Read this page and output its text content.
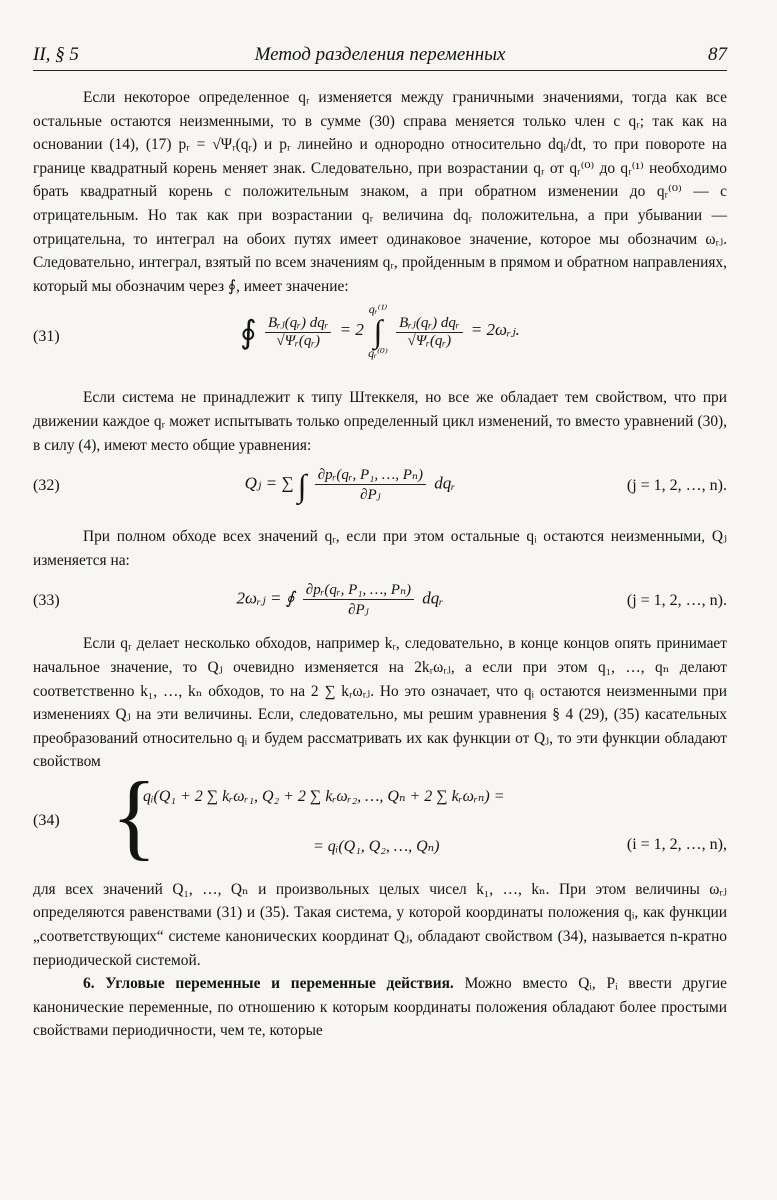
II, § 5	Метод разделения переменных	87

Если некоторое определенное qᵣ изменяется между граничными значениями, тогда как все остальные остаются неизменными, то в сумме (30) справа меняется только член с qᵣ; так как на основании (14), (17) pᵣ = √Ψᵣ(qᵣ) и pᵣ линейно и однородно относительно dqᵢ/dt, то при повороте на границе квадратный корень меняет знак. Следовательно, при возрастании qᵣ от qᵣ⁽⁰⁾ до qᵣ⁽¹⁾ необходимо брать квадратный корень с положительным знаком, а при обратном изменении до qᵣ⁽⁰⁾ — с отрицательным. Но так как при возрастании qᵣ величина dqᵣ положительна, а при убывании — отрицательна, то интеграл на обоих путях имеет одинаковое значение, которое мы обозначим ωᵣⱼ. Следовательно, интеграл, взятый по всем значениям qᵣ, пройденным в прямом и обратном направлениях, который мы обозначим через ∮, имеет значение:

(31)	∮ $\frac{\text{Bᵣⱼ(qᵣ) dqᵣ}}{\text{√Ψᵣ(qᵣ)}} = 2$
qᵣ⁽¹⁾
∫
qᵣ⁽⁰⁾

$\frac{\text{Bᵣⱼ(qᵣ) dqᵣ}}{\text{√Ψᵣ(qᵣ)}}$ = 2ωᵣⱼ.

Если система не принадлежит к типу Штеккеля, но все же обладает тем свойством, что при движении каждое qᵣ может испытывать только определенный цикл изменений, то вместо уравнений (30), в силу (4), имеют место общие уравнения:

(32)	Qⱼ = ∑ ∫ $\frac{\text{∂pᵣ(qᵣ, P₁, …, Pₙ)}}{\text{∂Pⱼ}}$ dqᵣ	(j = 1, 2, …, n).

При полном обходе всех значений qᵣ, если при этом остальные qᵢ остаются неизменными, Qⱼ изменяется на:

(33)	2ωᵣⱼ = ∮ $\frac{\text{∂pᵣ(qᵣ, P₁, …, Pₙ)}}{\text{∂Pⱼ}}$ dqᵣ	(j = 1, 2, …, n).

Если qᵣ делает несколько обходов, например kᵣ, следовательно, в конце концов опять принимает начальное значение, то Qⱼ очевидно изменяется на 2kᵣωᵣⱼ, а если при этом q₁, …, qₙ делают соответственно k₁, …, kₙ обходов, то на 2 ∑ kᵣωᵣⱼ. Но это означает, что qᵢ остаются неизменными при изменениях Qⱼ на эти величины. Если, следовательно, мы решим уравнения § 4 (29), (35) касательных преобразований относительно qᵢ и будем рассматривать их как функции от Qⱼ, то эти функции обладают свойством

(34) {
qᵢ(Q₁ + 2 ∑ kᵣωᵣ₁, Q₂ + 2 ∑ kᵣωᵣ₂, …, Qₙ + 2 ∑ kᵣωᵣₙ) =
= qᵢ(Q₁, Q₂, …, Qₙ)	(i = 1, 2, …, n),

для всех значений Q₁, …, Qₙ и произвольных целых чисел k₁, …, kₙ. При этом величины ωᵣⱼ определяются равенствами (31) и (35). Такая система, у которой координаты положения qᵢ, как функции „соответствующих“ системе канонических координат Qⱼ, обладают свойством (34), называется n-кратно периодической системой.

6. Угловые переменные и переменные действия. Можно вместо Qᵢ, Pᵢ ввести другие канонические переменные, по отношению к которым координаты положения обладают более простыми свойствами периодичности, чем те, которые
